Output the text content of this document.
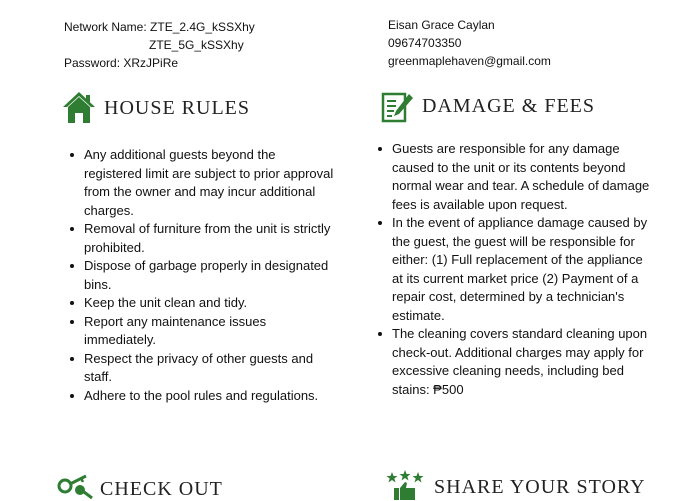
Network Name: ZTE_2.4G_kSSXhy
ZTE_5G_kSSXhy
Password: XRzJPiRe
Eisan Grace Caylan
09674703350
greenmaplehaven@gmail.com
HOUSE RULES	DAMAGE & FEES
Any additional guests beyond the registered limit are subject to prior approval from the owner and may incur additional charges.
Removal of furniture from the unit is strictly prohibited.
Dispose of garbage properly in designated bins.
Keep the unit clean and tidy.
Report any maintenance issues immediately.
Respect the privacy of other guests and staff.
Adhere to the pool rules and regulations.
Guests are responsible for any damage caused to the unit or its contents beyond normal wear and tear. A schedule of damage fees is available upon request.
In the event of appliance damage caused by the guest, the guest will be responsible for either: (1) Full replacement of the appliance at its current market price (2) Payment of a repair cost, determined by a technician's estimate.
The cleaning covers standard cleaning upon check-out. Additional charges may apply for excessive cleaning needs, including bed stains: ₱500
CHECK OUT	SHARE YOUR STORY
